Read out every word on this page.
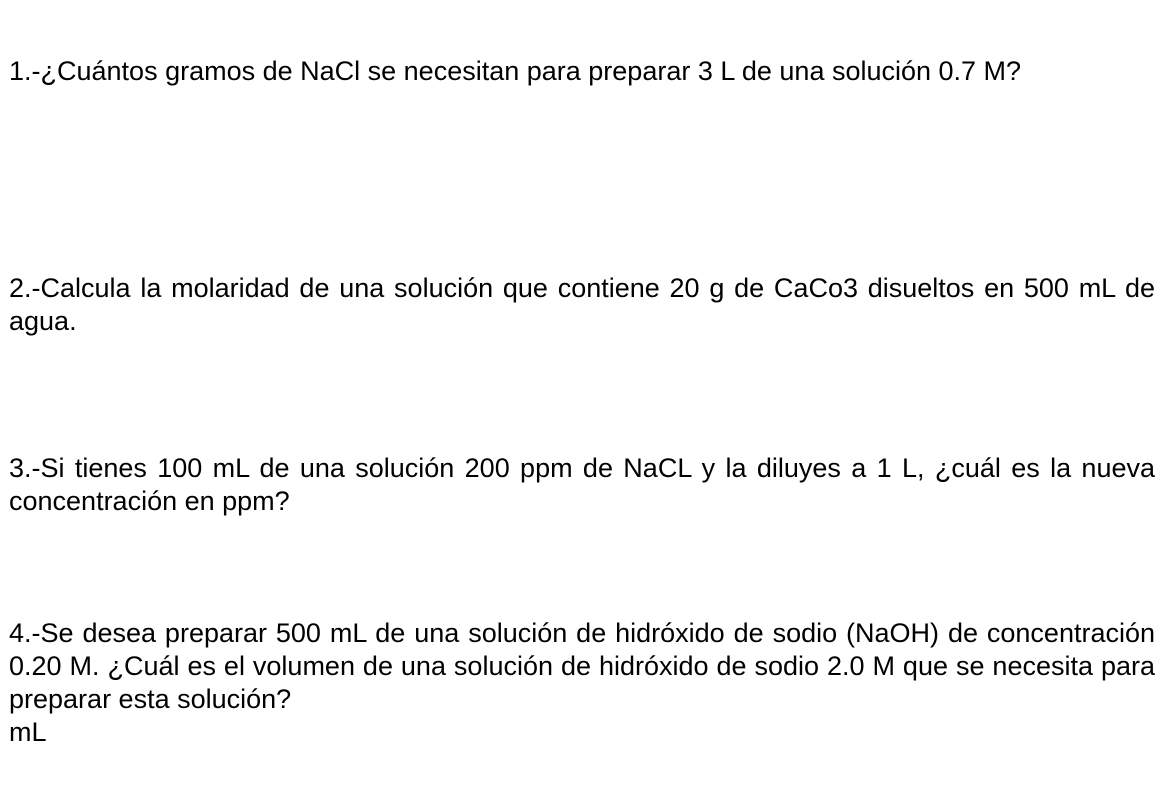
1.-¿Cuántos gramos de NaCl se necesitan para preparar 3 L de una solución 0.7 M?
2.-Calcula la molaridad de una solución que contiene 20 g de CaCo3 disueltos en 500 mL de agua.
3.-Si tienes 100 mL de una solución 200 ppm de NaCL y la diluyes a 1 L, ¿cuál es la nueva concentración en ppm?
4.-Se desea preparar 500 mL de una solución de hidróxido de sodio (NaOH) de concentración 0.20 M. ¿Cuál es el volumen de una solución de hidróxido de sodio 2.0 M que se necesita para preparar esta solución?
mL
